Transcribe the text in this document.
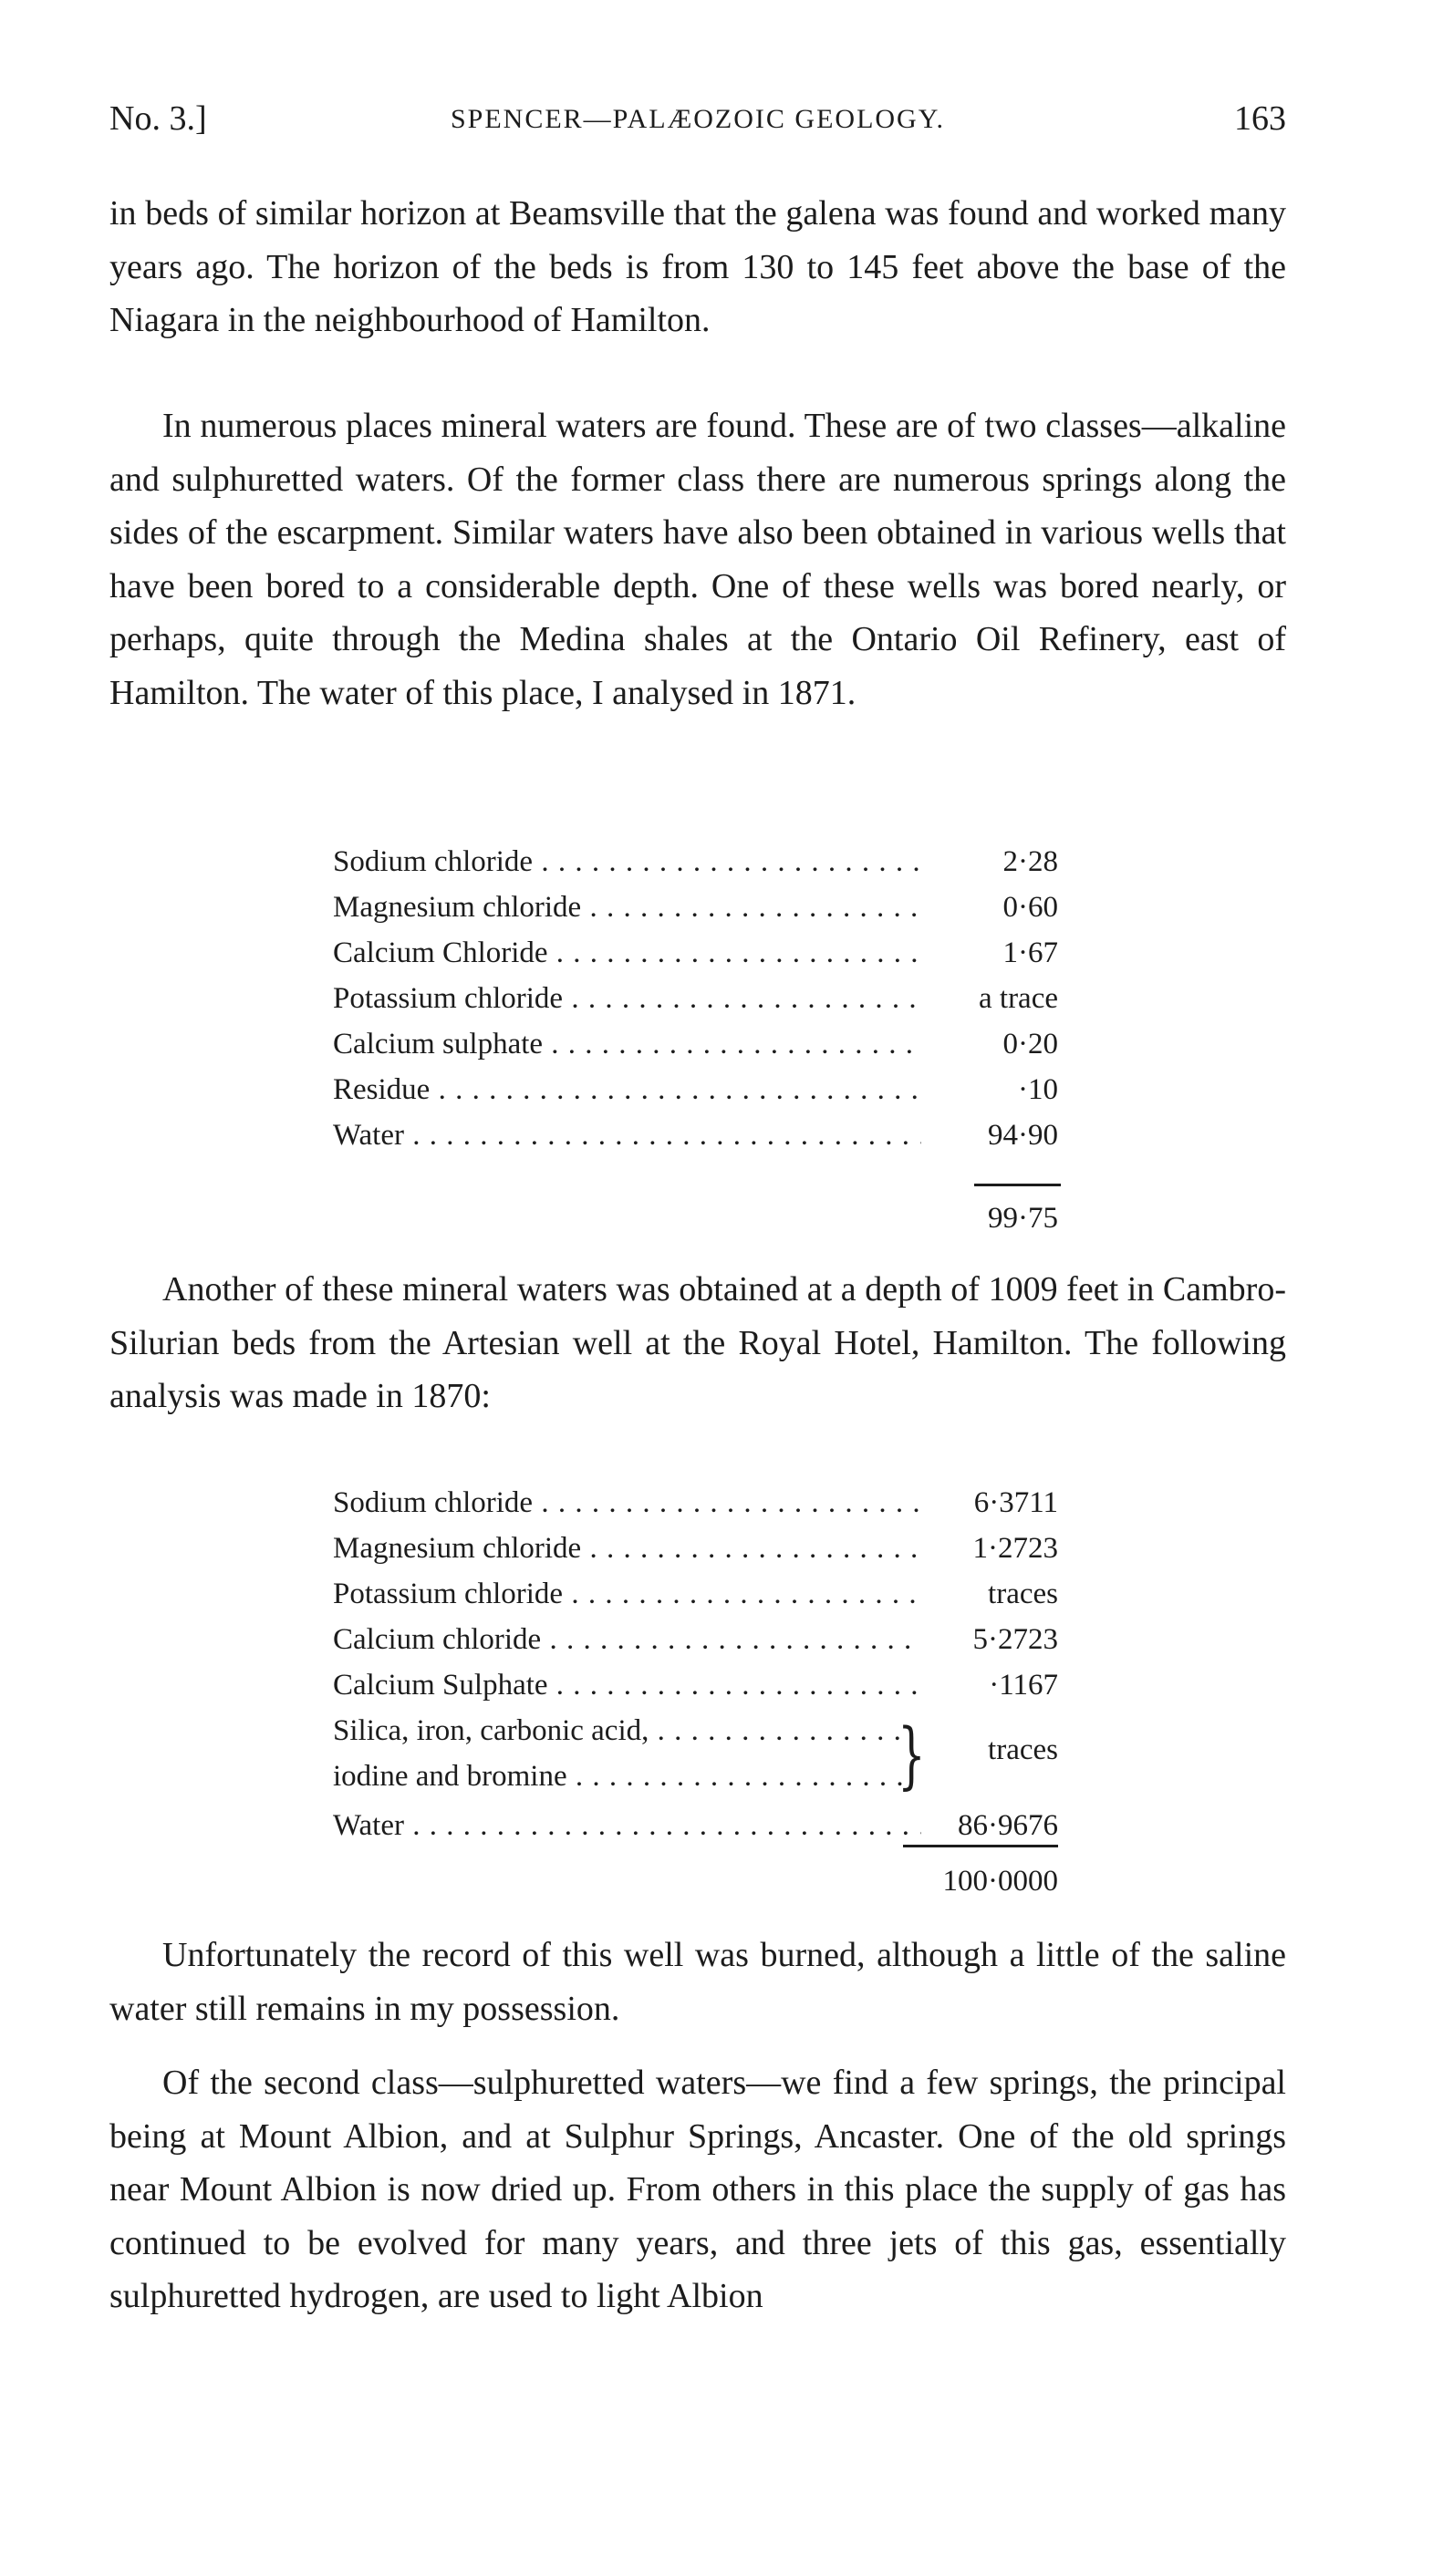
No. 3.]	SPENCER—PALÆOZOIC GEOLOGY.	163

in beds of similar horizon at Beamsville that the galena was found and worked many years ago. The horizon of the beds is from 130 to 145 feet above the base of the Niagara in the neighbourhood of Hamilton.

In numerous places mineral waters are found. These are of two classes—alkaline and sulphuretted waters. Of the former class there are numerous springs along the sides of the escarpment. Similar waters have also been obtained in various wells that have been bored to a considerable depth. One of these wells was bored nearly, or perhaps, quite through the Medina shales at the Ontario Oil Refinery, east of Hamilton. The water of this place, I analysed in 1871.

Sodium chloride . . .	2·28
Magnesium chloride . . .	0·60
Calcium Chloride . . .	1·67
Potassium chloride . . .	a trace
Calcium sulphate . . .	0·20
Residue . . .	·10
Water . . .	94·90
99·75

Another of these mineral waters was obtained at a depth of 1009 feet in Cambro-Silurian beds from the Artesian well at the Royal Hotel, Hamilton. The following analysis was made in 1870:

Sodium chloride . . .	6·3711
Magnesium chloride . . .	1·2723
Potassium chloride . . .	traces
Calcium chloride . . .	5·2723
Calcium Sulphate . . .	·1167
Silica, iron, carbonic acid, . . .
iodine and bromine . . .	}	traces
Water . . .	86·9676
100·0000

Unfortunately the record of this well was burned, although a little of the saline water still remains in my possession.

Of the second class—sulphuretted waters—we find a few springs, the principal being at Mount Albion, and at Sulphur Springs, Ancaster. One of the old springs near Mount Albion is now dried up. From others in this place the supply of gas has continued to be evolved for many years, and three jets of this gas, essentially sulphuretted hydrogen, are used to light Albion
